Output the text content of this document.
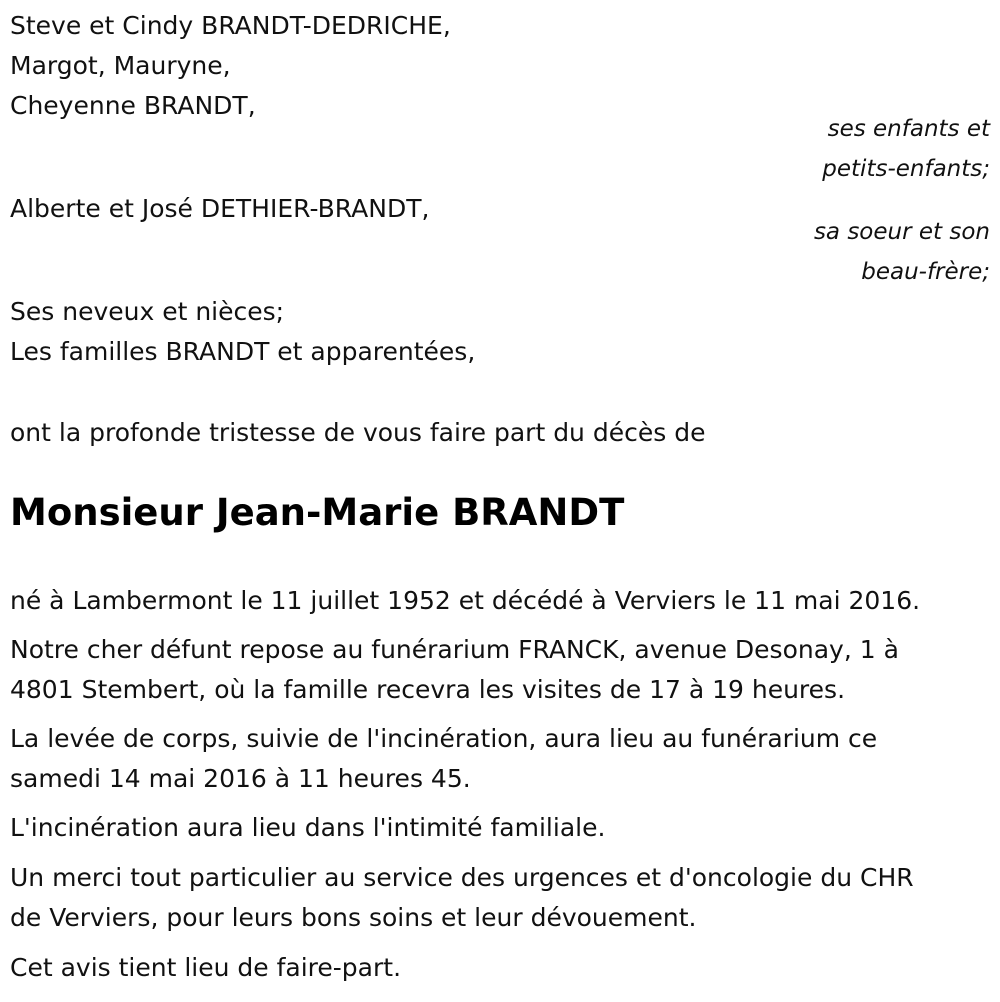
Steve et Cindy BRANDT-DEDRICHE,
Margot, Mauryne,
Cheyenne BRANDT,
ses enfants et
petits-enfants;
Alberte et José DETHIER-BRANDT,
sa soeur et son
beau-frère;
Ses neveux et nièces;
Les familles BRANDT et apparentées,
ont la profonde tristesse de vous faire part du décès de
Monsieur Jean-Marie BRANDT
né à Lambermont le 11 juillet 1952 et décédé à Verviers le 11 mai 2016.
Notre cher défunt repose au funérarium FRANCK, avenue Desonay, 1 à
4801 Stembert, où la famille recevra les visites de 17 à 19 heures.
La levée de corps, suivie de l'incinération, aura lieu au funérarium ce
samedi 14 mai 2016 à 11 heures 45.
L'incinération aura lieu dans l'intimité familiale.
Un merci tout particulier au service des urgences et d'oncologie du CHR
de Verviers, pour leurs bons soins et leur dévouement.
Cet avis tient lieu de faire-part.
